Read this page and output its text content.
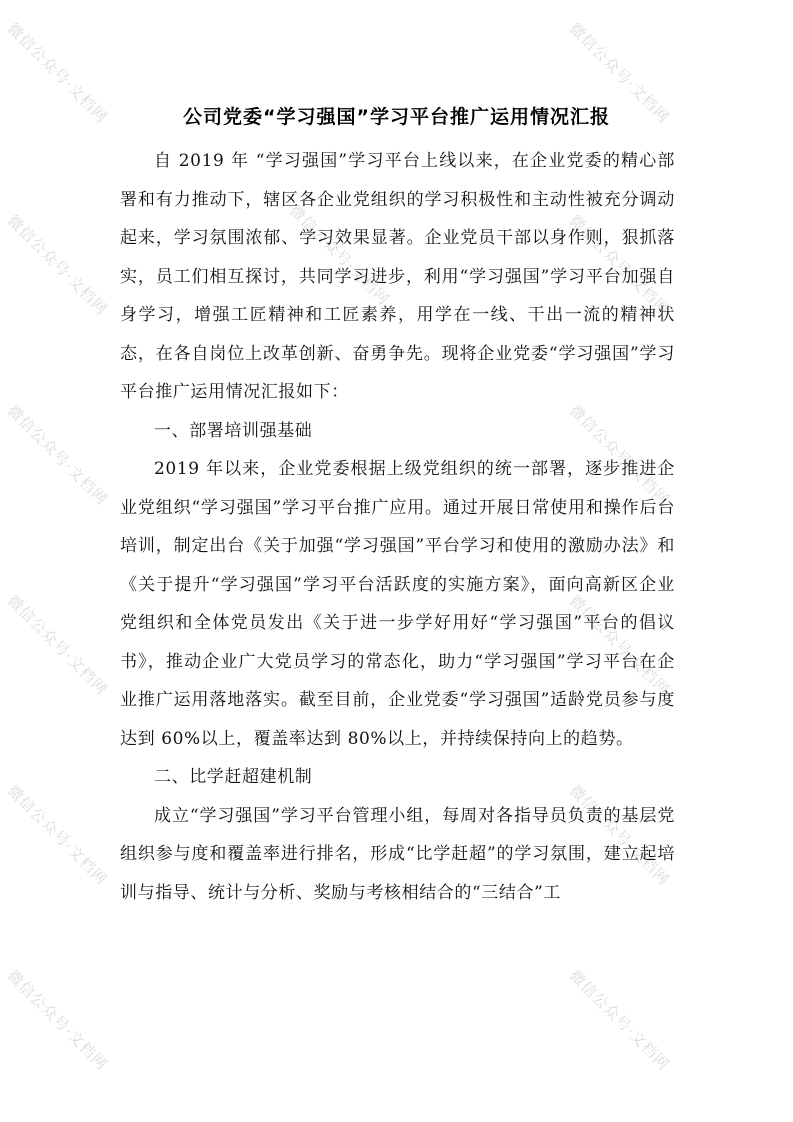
微信公众号·文档网	微信公众号·文档网
微信公众号·文档网	微信公众号·文档网	微信公众号·文档网
微信公众号·文档网	微信公众号·文档网
微信公众号·文档网	微信公众号·文档网
微信公众号·文档网	微信公众号·文档网
微信公众号·文档网	微信公众号·文档网
公司党委“学习强国”学习平台推广运用情况汇报

自 2019 年 “学习强国”学习平台上线以来，在企业党委的精心部署和有力推动下，辖区各企业党组织的学习积极性和主动性被充分调动起来，学习氛围浓郁、学习效果显著。企业党员干部以身作则，狠抓落实，员工们相互探讨，共同学习进步，利用“学习强国”学习平台加强自身学习，增强工匠精神和工匠素养，用学在一线、干出一流的精神状态，在各自岗位上改革创新、奋勇争先。现将企业党委“学习强国”学习平台推广运用情况汇报如下：

一、部署培训强基础

2019 年以来，企业党委根据上级党组织的统一部署，逐步推进企业党组织“学习强国”学习平台推广应用。通过开展日常使用和操作后台培训，制定出台《关于加强“学习强国”平台学习和使用的激励办法》和《关于提升“学习强国”学习平台活跃度的实施方案》，面向高新区企业党组织和全体党员发出《关于进一步学好用好“学习强国”平台的倡议书》，推动企业广大党员学习的常态化，助力“学习强国”学习平台在企业推广运用落地落实。截至目前，企业党委“学习强国”适龄党员参与度达到 60%以上，覆盖率达到 80%以上，并持续保持向上的趋势。

二、比学赶超建机制

成立“学习强国”学习平台管理小组，每周对各指导员负责的基层党组织参与度和覆盖率进行排名，形成“比学赶超”的学习氛围，建立起培训与指导、统计与分析、奖励与考核相结合的“三结合”工
